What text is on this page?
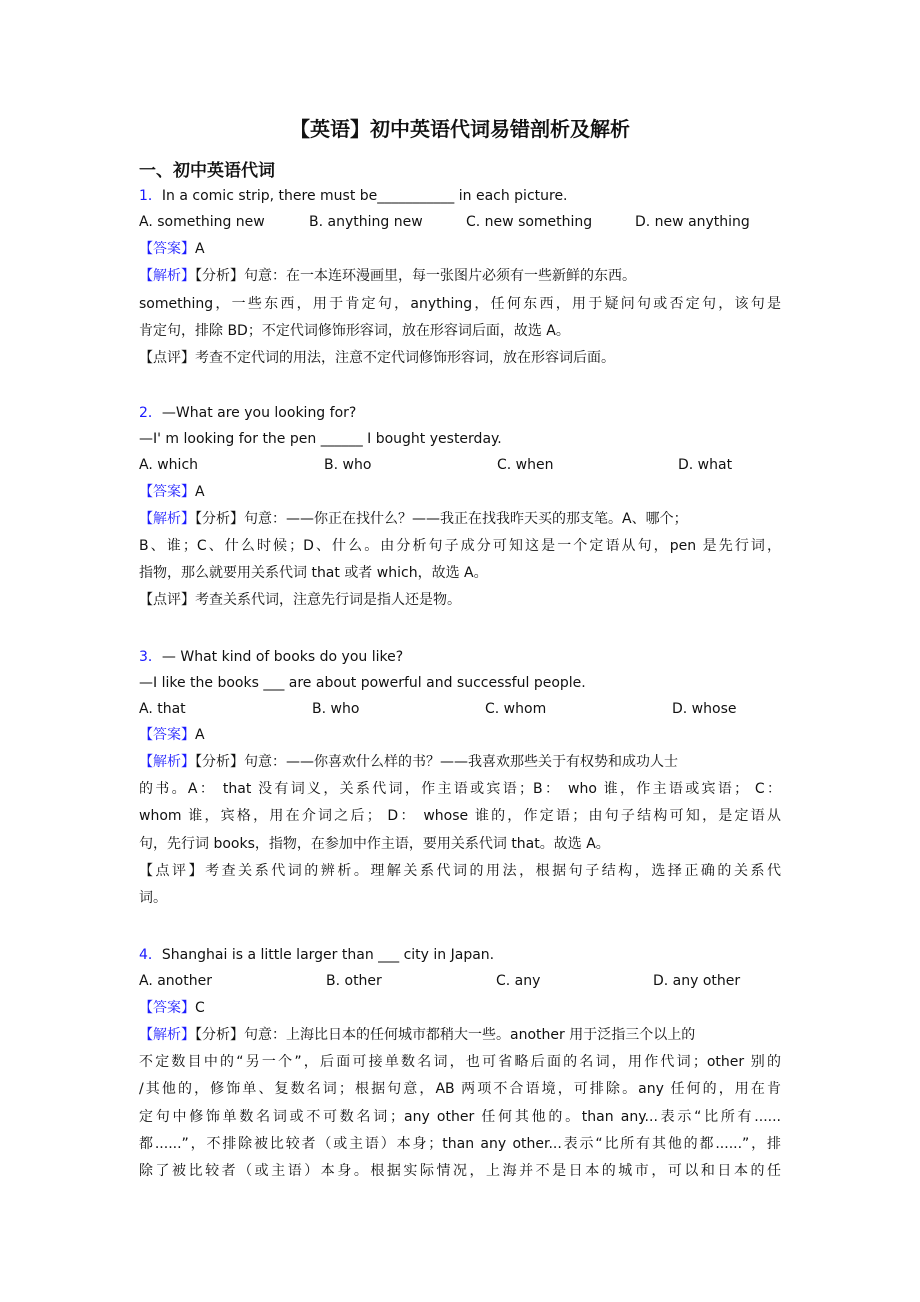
【英语】初中英语代词易错剖析及解析
一、初中英语代词
1．In a comic strip, there must be___________ in each picture.
A. something new	B. anything new	C. new something	D. new anything
【答案】A
【解析】【分析】句意：在一本连环漫画里，每一张图片必须有一些新鲜的东西。
something，一些东西，用于肯定句，anything，任何东西，用于疑问句或否定句，该句是
肯定句，排除 BD；不定代词修饰形容词，放在形容词后面，故选 A。
【点评】考查不定代词的用法，注意不定代词修饰形容词，放在形容词后面。
2．—What are you looking for?
—I' m looking for the pen ______ I bought yesterday.
A. which	B. who	C. when	D. what
【答案】A
【解析】【分析】句意：——你正在找什么？——我正在找我昨天买的那支笔。A、哪个；
B、谁；C、什么时候；D、什么。由分析句子成分可知这是一个定语从句，pen 是先行词，
指物，那么就要用关系代词 that 或者 which，故选 A。
【点评】考查关系代词，注意先行词是指人还是物。
3．— What kind of books do you like?
—I like the books ___ are about powerful and successful people.
A. that	B. who	C. whom	D. whose
【答案】A
【解析】【分析】句意：——你喜欢什么样的书？——我喜欢那些关于有权势和成功人士
的书。A： that 没有词义，关系代词，作主语或宾语；B： who 谁，作主语或宾语； C：
whom 谁，宾格，用在介词之后； D： whose 谁的，作定语；由句子结构可知，是定语从
句，先行词 books，指物，在参加中作主语，要用关系代词 that。故选 A。
【点评】考查关系代词的辨析。理解关系代词的用法，根据句子结构，选择正确的关系代
词。
4．Shanghai is a little larger than ___ city in Japan.
A. another	B. other	C. any	D. any other
【答案】C
【解析】【分析】句意：上海比日本的任何城市都稍大一些。another 用于泛指三个以上的
不定数目中的“另一个”，后面可接单数名词，也可省略后面的名词，用作代词；other 别的
/其他的，修饰单、复数名词；根据句意，AB 两项不合语境，可排除。any 任何的，用在肯
定句中修饰单数名词或不可数名词；any other 任何其他的。than any...表示“比所有......
都......”，不排除被比较者（或主语）本身；than any other...表示“比所有其他的都......”，排
除了被比较者（或主语）本身。根据实际情况，上海并不是日本的城市，可以和日本的任
